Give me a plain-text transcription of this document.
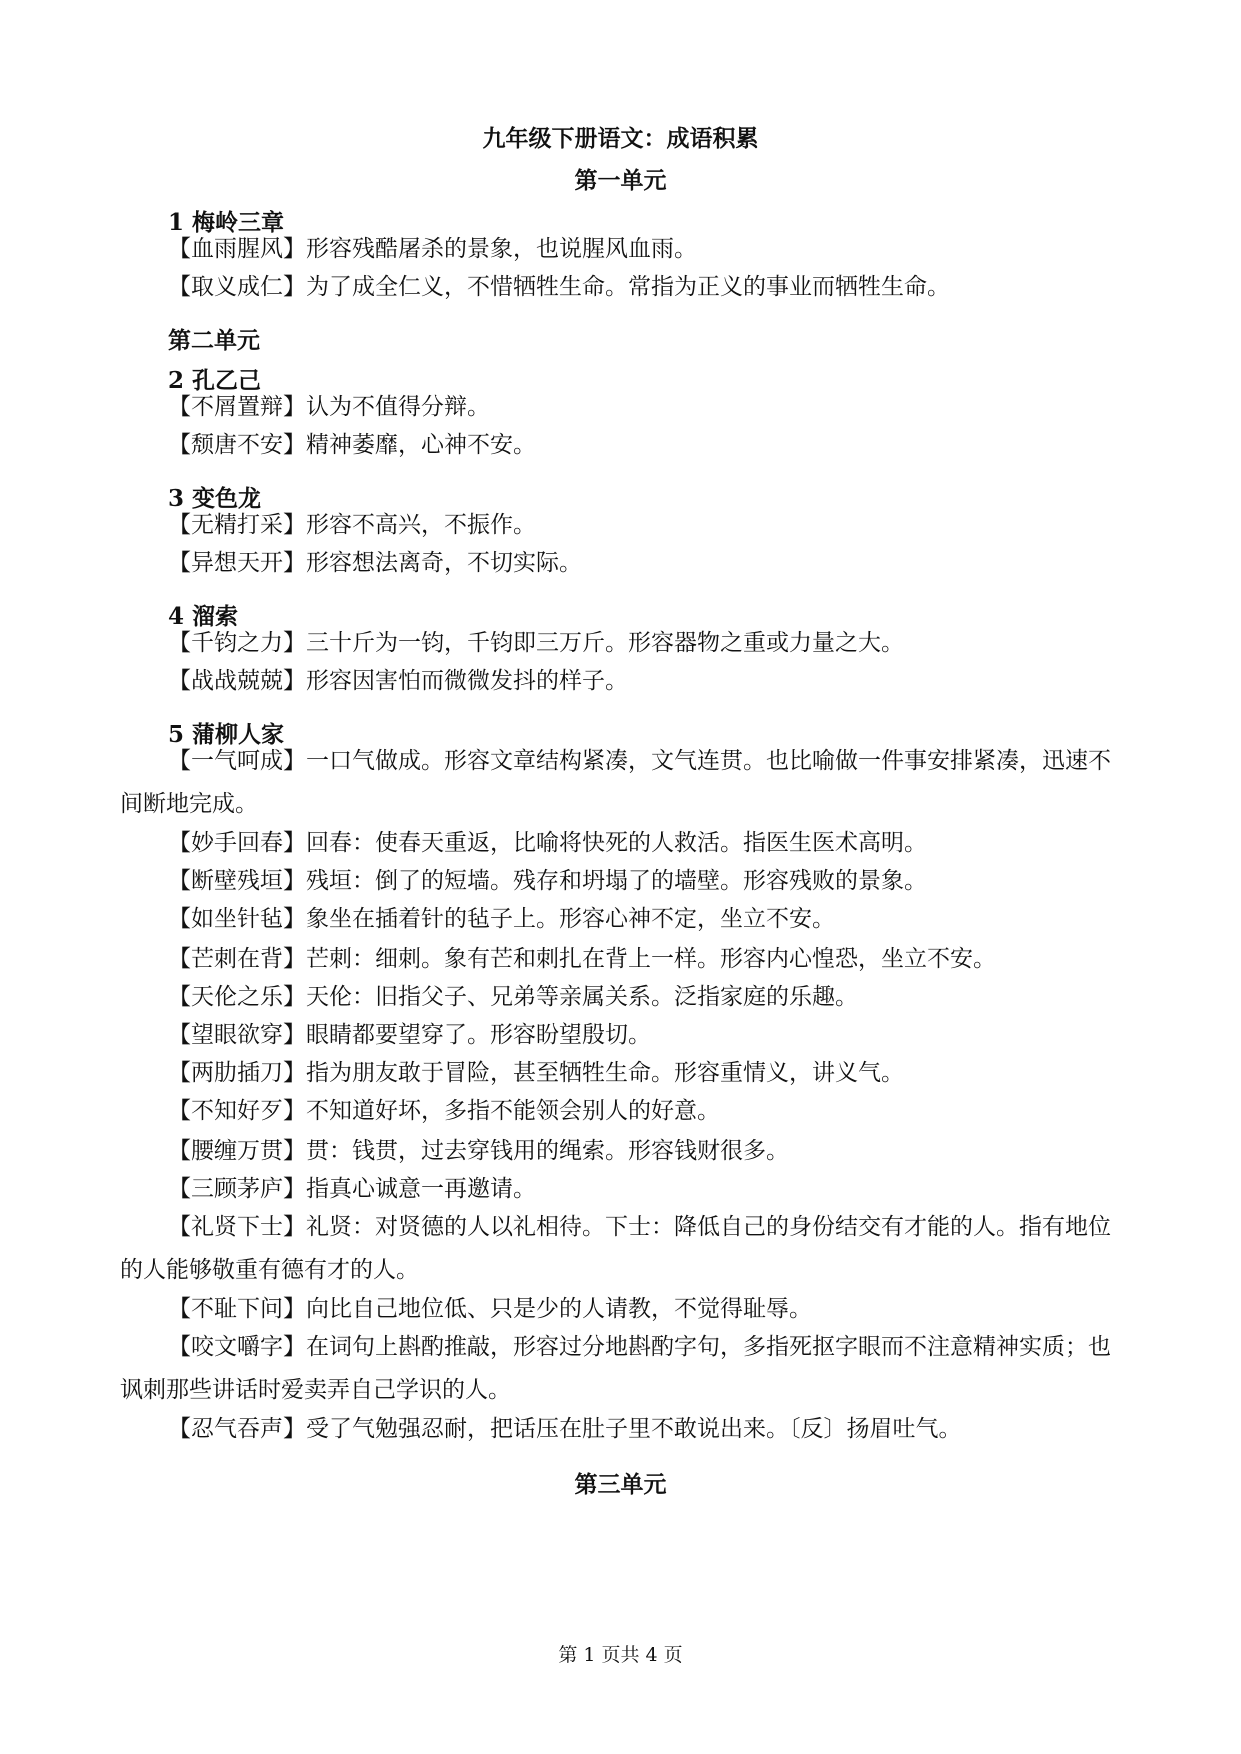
九年级下册语文：成语积累
第一单元
1 梅岭三章
【血雨腥风】形容残酷屠杀的景象，也说腥风血雨。
【取义成仁】为了成全仁义，不惜牺牲生命。常指为正义的事业而牺牲生命。
第二单元
2 孔乙己
【不屑置辩】认为不值得分辩。
【颓唐不安】精神萎靡，心神不安。
3 变色龙
【无精打采】形容不高兴，不振作。
【异想天开】形容想法离奇，不切实际。
4 溜索
【千钧之力】三十斤为一钧，千钧即三万斤。形容器物之重或力量之大。
【战战兢兢】形容因害怕而微微发抖的样子。
5 蒲柳人家
【一气呵成】一口气做成。形容文章结构紧凑，文气连贯。也比喻做一件事安排紧凑，迅速不间断地完成。
【妙手回春】回春：使春天重返，比喻将快死的人救活。指医生医术高明。
【断壁残垣】残垣：倒了的短墙。残存和坍塌了的墙壁。形容残败的景象。
【如坐针毡】象坐在插着针的毡子上。形容心神不定，坐立不安。
【芒刺在背】芒刺：细刺。象有芒和刺扎在背上一样。形容内心惶恐，坐立不安。
【天伦之乐】天伦：旧指父子、兄弟等亲属关系。泛指家庭的乐趣。
【望眼欲穿】眼睛都要望穿了。形容盼望殷切。
【两肋插刀】指为朋友敢于冒险，甚至牺牲生命。形容重情义，讲义气。
【不知好歹】不知道好坏，多指不能领会别人的好意。
【腰缠万贯】贯：钱贯，过去穿钱用的绳索。形容钱财很多。
【三顾茅庐】指真心诚意一再邀请。
【礼贤下士】礼贤：对贤德的人以礼相待。下士：降低自己的身份结交有才能的人。指有地位的人能够敬重有德有才的人。
【不耻下问】向比自己地位低、只是少的人请教，不觉得耻辱。
【咬文嚼字】在词句上斟酌推敲，形容过分地斟酌字句，多指死抠字眼而不注意精神实质；也讽刺那些讲话时爱卖弄自己学识的人。
【忍气吞声】受了气勉强忍耐，把话压在肚子里不敢说出来。〔反〕扬眉吐气。
第三单元
第 1 页共 4 页
